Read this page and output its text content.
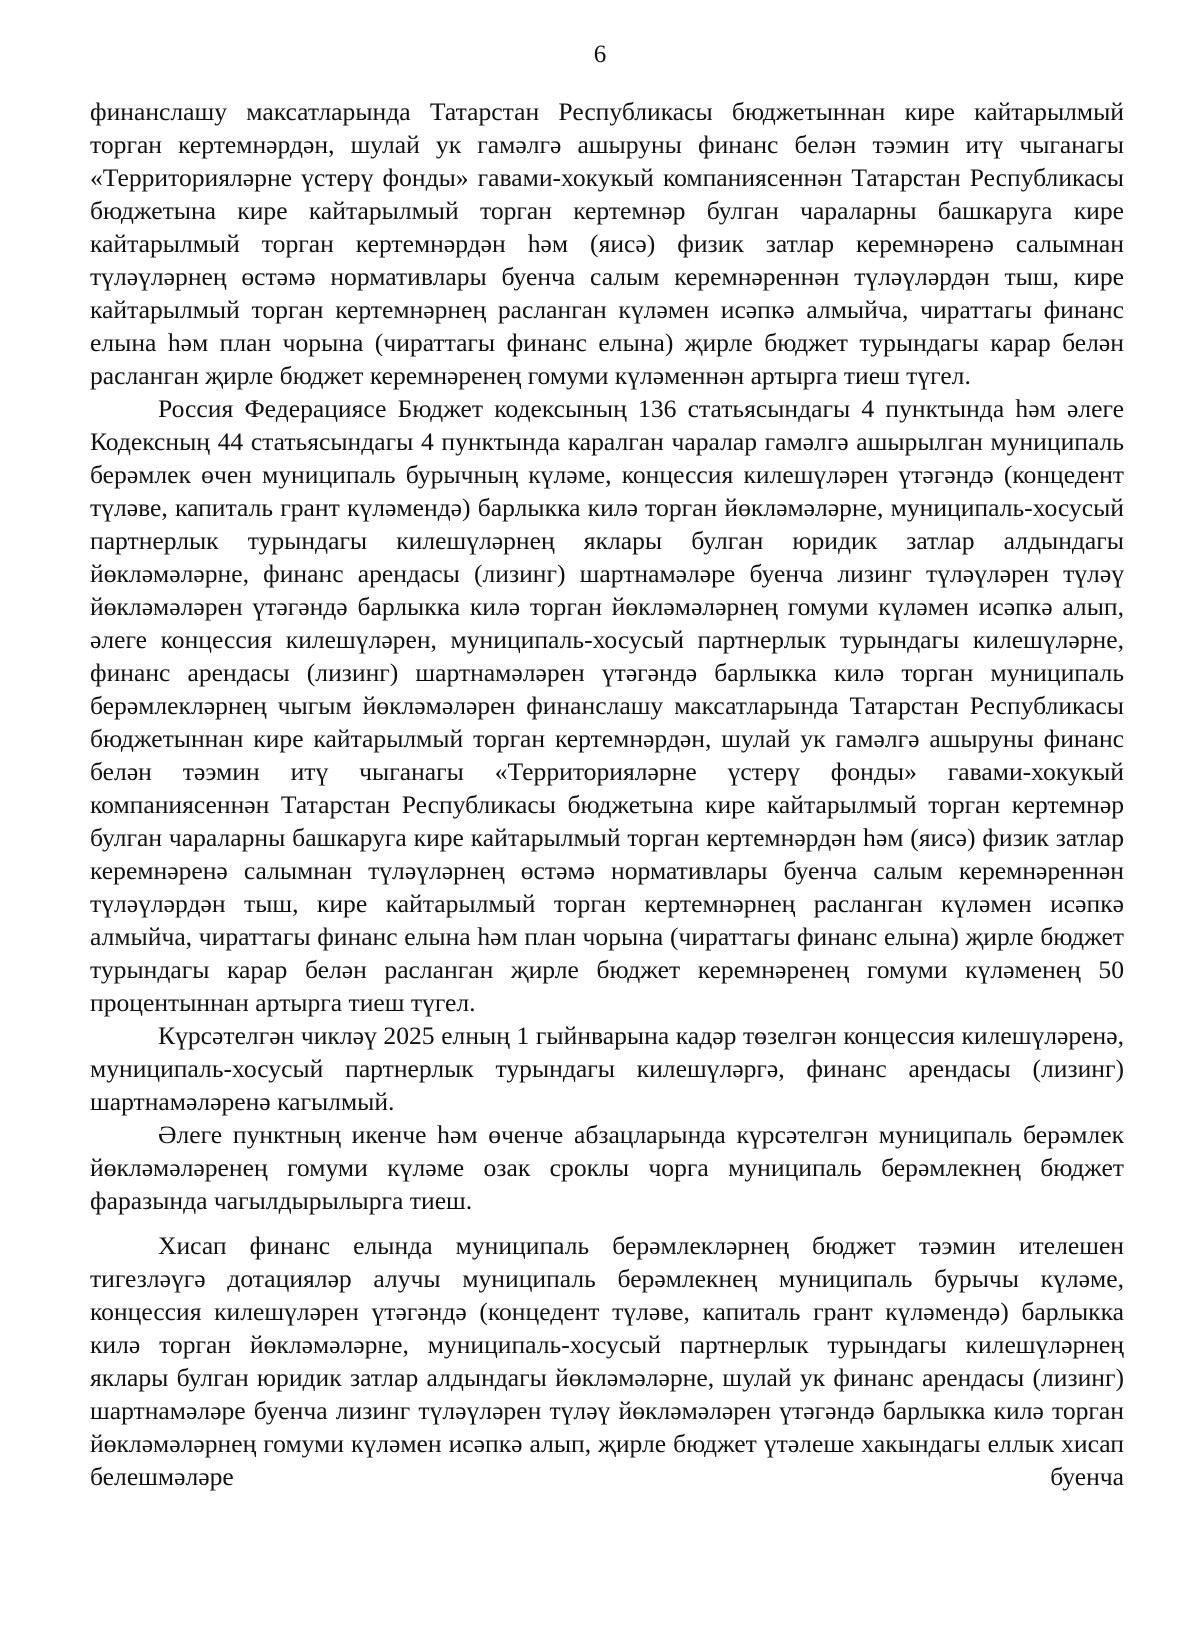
6

финанслашу максатларында Татарстан Республикасы бюджетыннан кире кайтарылмый торган кертемнәрдән, шулай ук гамәлгә ашыруны финанс белән тәэмин итү чыганагы «Территорияләрне үстерү фонды» гавами-хокукый компаниясеннән Татарстан Республикасы бюджетына кире кайтарылмый торган кертемнәр булган чараларны башкаруга кире кайтарылмый торган кертемнәрдән һәм (яисә) физик затлар керемнәренә салымнан түләүләрнең өстәмә нормативлары буенча салым керемнәреннән түләүләрдән тыш, кире кайтарылмый торган кертемнәрнең расланган күләмен исәпкә алмыйча, чираттагы финанс елына һәм план чорына (чираттагы финанс елына) җирле бюджет турындагы карар белән расланган җирле бюджет керемнәренең гомуми күләменнән артырга тиеш түгел.

Россия Федерациясе Бюджет кодексының 136 статьясындагы 4 пунктында һәм әлеге Кодексның 44 статьясындагы 4 пунктында каралган чаралар гамәлгә ашырылган муниципаль берәмлек өчен муниципаль бурычның күләме, концессия килешүләрен үтәгәндә (концедент түләве, капиталь грант күләмендә) барлыкка килә торган йөкләмәләрне, муниципаль-хосусый партнерлык турындагы килешүләрнең яклары булган юридик затлар алдындагы йөкләмәләрне, финанс арендасы (лизинг) шартнамәләре буенча лизинг түләүләрен түләү йөкләмәләрен үтәгәндә барлыкка килә торган йөкләмәләрнең гомуми күләмен исәпкә алып, әлеге концессия килешүләрен, муниципаль-хосусый партнерлык турындагы килешүләрне, финанс арендасы (лизинг) шартнамәләрен үтәгәндә барлыкка килә торган муниципаль берәмлекләрнең чыгым йөкләмәләрен финанслашу максатларында Татарстан Республикасы бюджетыннан кире кайтарылмый торган кертемнәрдән, шулай ук гамәлгә ашыруны финанс белән тәэмин итү чыганагы «Территорияләрне үстерү фонды» гавами-хокукый компаниясеннән Татарстан Республикасы бюджетына кире кайтарылмый торган кертемнәр булган чараларны башкаруга кире кайтарылмый торган кертемнәрдән һәм (яисә) физик затлар керемнәренә салымнан түләүләрнең өстәмә нормативлары буенча салым керемнәреннән түләүләрдән тыш, кире кайтарылмый торган кертемнәрнең расланган күләмен исәпкә алмыйча, чираттагы финанс елына һәм план чорына (чираттагы финанс елына) җирле бюджет турындагы карар белән расланган җирле бюджет керемнәренең гомуми күләменең 50 процентыннан артырга тиеш түгел.

Күрсәтелгән чикләү 2025 елның 1 гыйнварына кадәр төзелгән концессия килешүләренә, муниципаль-хосусый партнерлык турындагы килешүләргә, финанс арендасы (лизинг) шартнамәләренә кагылмый.

Әлеге пунктның икенче һәм өченче абзацларында күрсәтелгән муниципаль берәмлек йөкләмәләренең гомуми күләме озак сроклы чорга муниципаль берәмлекнең бюджет фаразында чагылдырылырга тиеш.

Хисап финанс елында муниципаль берәмлекләрнең бюджет тәэмин ителешен тигезләүгә дотацияләр алучы муниципаль берәмлекнең муниципаль бурычы күләме, концессия килешүләрен үтәгәндә (концедент түләве, капиталь грант күләмендә) барлыкка килә торган йөкләмәләрне, муниципаль-хосусый партнерлык турындагы килешүләрнең яклары булган юридик затлар алдындагы йөкләмәләрне, шулай ук финанс арендасы (лизинг) шартнамәләре буенча лизинг түләүләрен түләү йөкләмәләрен үтәгәндә барлыкка килә торган йөкләмәләрнең гомуми күләмен исәпкә алып, җирле бюджет үтәлеше хакындагы еллык хисап белешмәләре буенча
